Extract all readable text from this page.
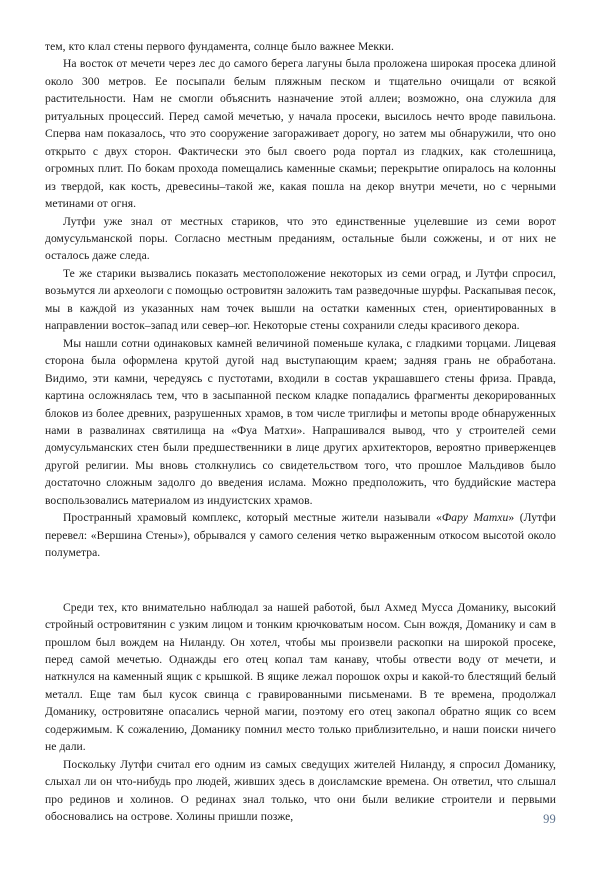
тем, кто клал стены первого фундамента, солнце было важнее Мекки.

На восток от мечети через лес до самого берега лагуны была проложена широкая просека длиной около 300 метров. Ее посыпали белым пляжным песком и тщательно очищали от всякой растительности. Нам не смогли объяснить назначение этой аллеи; возможно, она служила для ритуальных процессий. Перед самой мечетью, у начала просеки, высилось нечто вроде павильона. Сперва нам показалось, что это сооружение загораживает дорогу, но затем мы обнаружили, что оно открыто с двух сторон. Фактически это был своего рода портал из гладких, как столешница, огромных плит. По бокам прохода помещались каменные скамьи; перекрытие опиралось на колонны из твердой, как кость, древесины–такой же, какая пошла на декор внутри мечети, но с черными метинами от огня.

Лутфи уже знал от местных стариков, что это единственные уцелевшие из семи ворот домусульманской поры. Согласно местным преданиям, остальные были сожжены, и от них не осталось даже следа.

Те же старики вызвались показать местоположение некоторых из семи оград, и Лутфи спросил, возьмутся ли археологи с помощью островитян заложить там разведочные шурфы. Раскапывая песок, мы в каждой из указанных нам точек вышли на остатки каменных стен, ориентированных в направлении восток–запад или север–юг. Некоторые стены сохранили следы красивого декора.

Мы нашли сотни одинаковых камней величиной поменьше кулака, с гладкими торцами. Лицевая сторона была оформлена крутой дугой над выступающим краем; задняя грань не обработана. Видимо, эти камни, чередуясь с пустотами, входили в состав украшавшего стены фриза. Правда, картина осложнялась тем, что в засыпанной песком кладке попадались фрагменты декорированных блоков из более древних, разрушенных храмов, в том числе триглифы и метопы вроде обнаруженных нами в развалинах святилища на «Фуа Матхи». Напрашивался вывод, что у строителей семи домусульманских стен были предшественники в лице других архитекторов, вероятно приверженцев другой религии. Мы вновь столкнулись со свидетельством того, что прошлое Мальдивов было достаточно сложным задолго до введения ислама. Можно предположить, что буддийские мастера воспользовались материалом из индуистских храмов.

Пространный храмовый комплекс, который местные жители называли «Фару Матхи» (Лутфи перевел: «Вершина Стены»), обрывался у самого селения четко выраженным откосом высотой около полуметра.

Среди тех, кто внимательно наблюдал за нашей работой, был Ахмед Мусса Доманику, высокий стройный островитянин с узким лицом и тонким крючковатым носом. Сын вождя, Доманику и сам в прошлом был вождем на Ниланду. Он хотел, чтобы мы произвели раскопки на широкой просеке, перед самой мечетью. Однажды его отец копал там канаву, чтобы отвести воду от мечети, и наткнулся на каменный ящик с крышкой. В ящике лежал порошок охры и какой-то блестящий белый металл. Еще там был кусок свинца с гравированными письменами. В те времена, продолжал Доманику, островитяне опасались черной магии, поэтому его отец закопал обратно ящик со всем содержимым. К сожалению, Доманику помнил место только приблизительно, и наши поиски ничего не дали.

Поскольку Лутфи считал его одним из самых сведущих жителей Ниланду, я спросил Доманику, слыхал ли он что-нибудь про людей, живших здесь в доисламские времена. Он ответил, что слышал про рединов и холинов. О рединах знал только, что они были великие строители и первыми обосновались на острове. Холины пришли позже,	99
